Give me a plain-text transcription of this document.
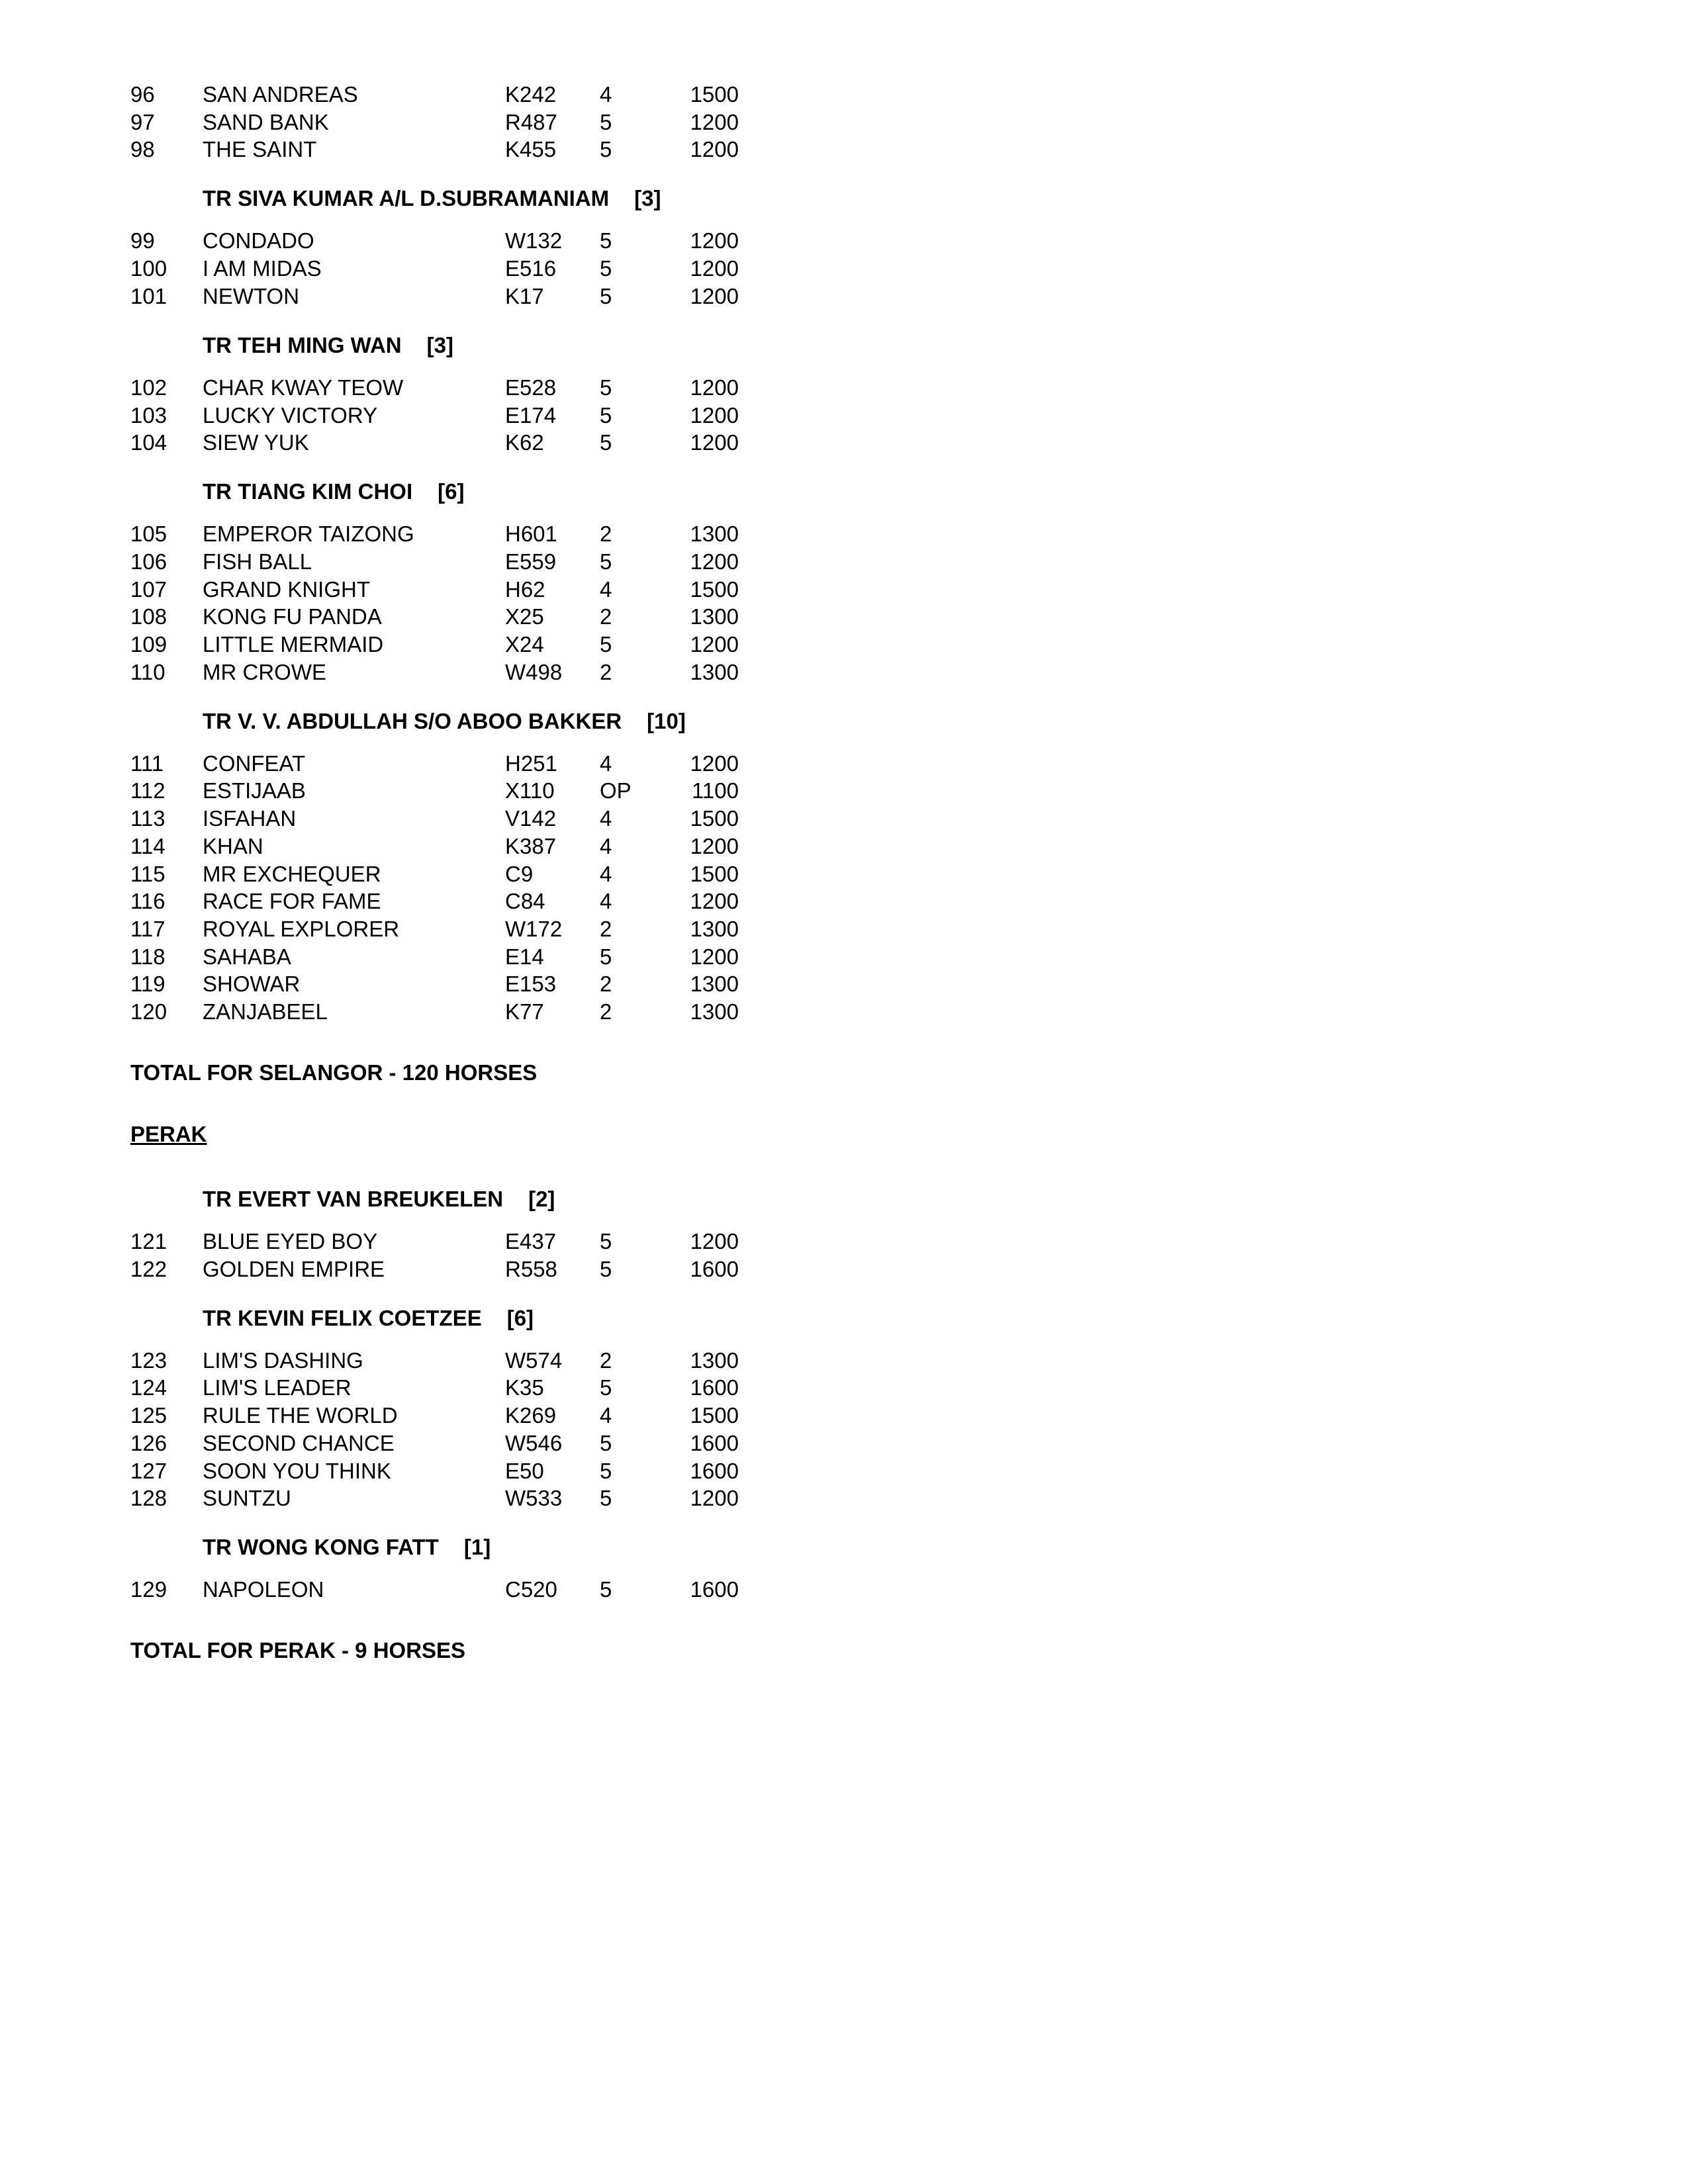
96 SAN ANDREAS	K242 4	1500
97 SAND BANK	R487 5	1200
98 THE SAINT	K455 5	1200
TR SIVA KUMAR A/L D.SUBRAMANIAM [3]
99 CONDADO	W132 5	1200
100 I AM MIDAS	E516 5	1200
101 NEWTON	K17	5	1200
TR TEH MING WAN [3]
102 CHAR KWAY TEOW	E528 5	1200
103 LUCKY VICTORY	E174 5	1200
104 SIEW YUK	K62	5	1200
TR TIANG KIM CHOI [6]
105 EMPEROR TAIZONG	H601 2	1300
106 FISH BALL	E559 5	1200
107 GRAND KNIGHT	H62 4	1500
108 KONG FU PANDA	X25	2	1300
109 LITTLE MERMAID	X24	5	1200
110 MR CROWE	W498 2	1300
TR V. V. ABDULLAH S/O ABOO BAKKER [10]
111 CONFEAT	H251 4	1200
112 ESTIJAAB	X110 OP	1100
113 ISFAHAN	V142 4	1500
114 KHAN	K387 4	1200
115 MR EXCHEQUER	C9	4	1500
116 RACE FOR FAME	C84 4	1200
117 ROYAL EXPLORER	W172 2	1300
118 SAHABA	E14	5	1200
119 SHOWAR	E153 2	1300
120 ZANJABEEL	K77	2	1300
TOTAL FOR SELANGOR - 120 HORSES
PERAK
TR EVERT VAN BREUKELEN [2]
121 BLUE EYED BOY	E437 5	1200
122 GOLDEN EMPIRE	R558 5	1600
TR KEVIN FELIX COETZEE [6]
123 LIM'S DASHING	W574 2	1300
124 LIM'S LEADER	K35	5	1600
125 RULE THE WORLD	K269 4	1500
126 SECOND CHANCE	W546 5	1600
127 SOON YOU THINK	E50	5	1600
128 SUNTZU	W533 5	1200
TR WONG KONG FATT [1]
129 NAPOLEON	C520 5	1600
TOTAL FOR PERAK - 9 HORSES
